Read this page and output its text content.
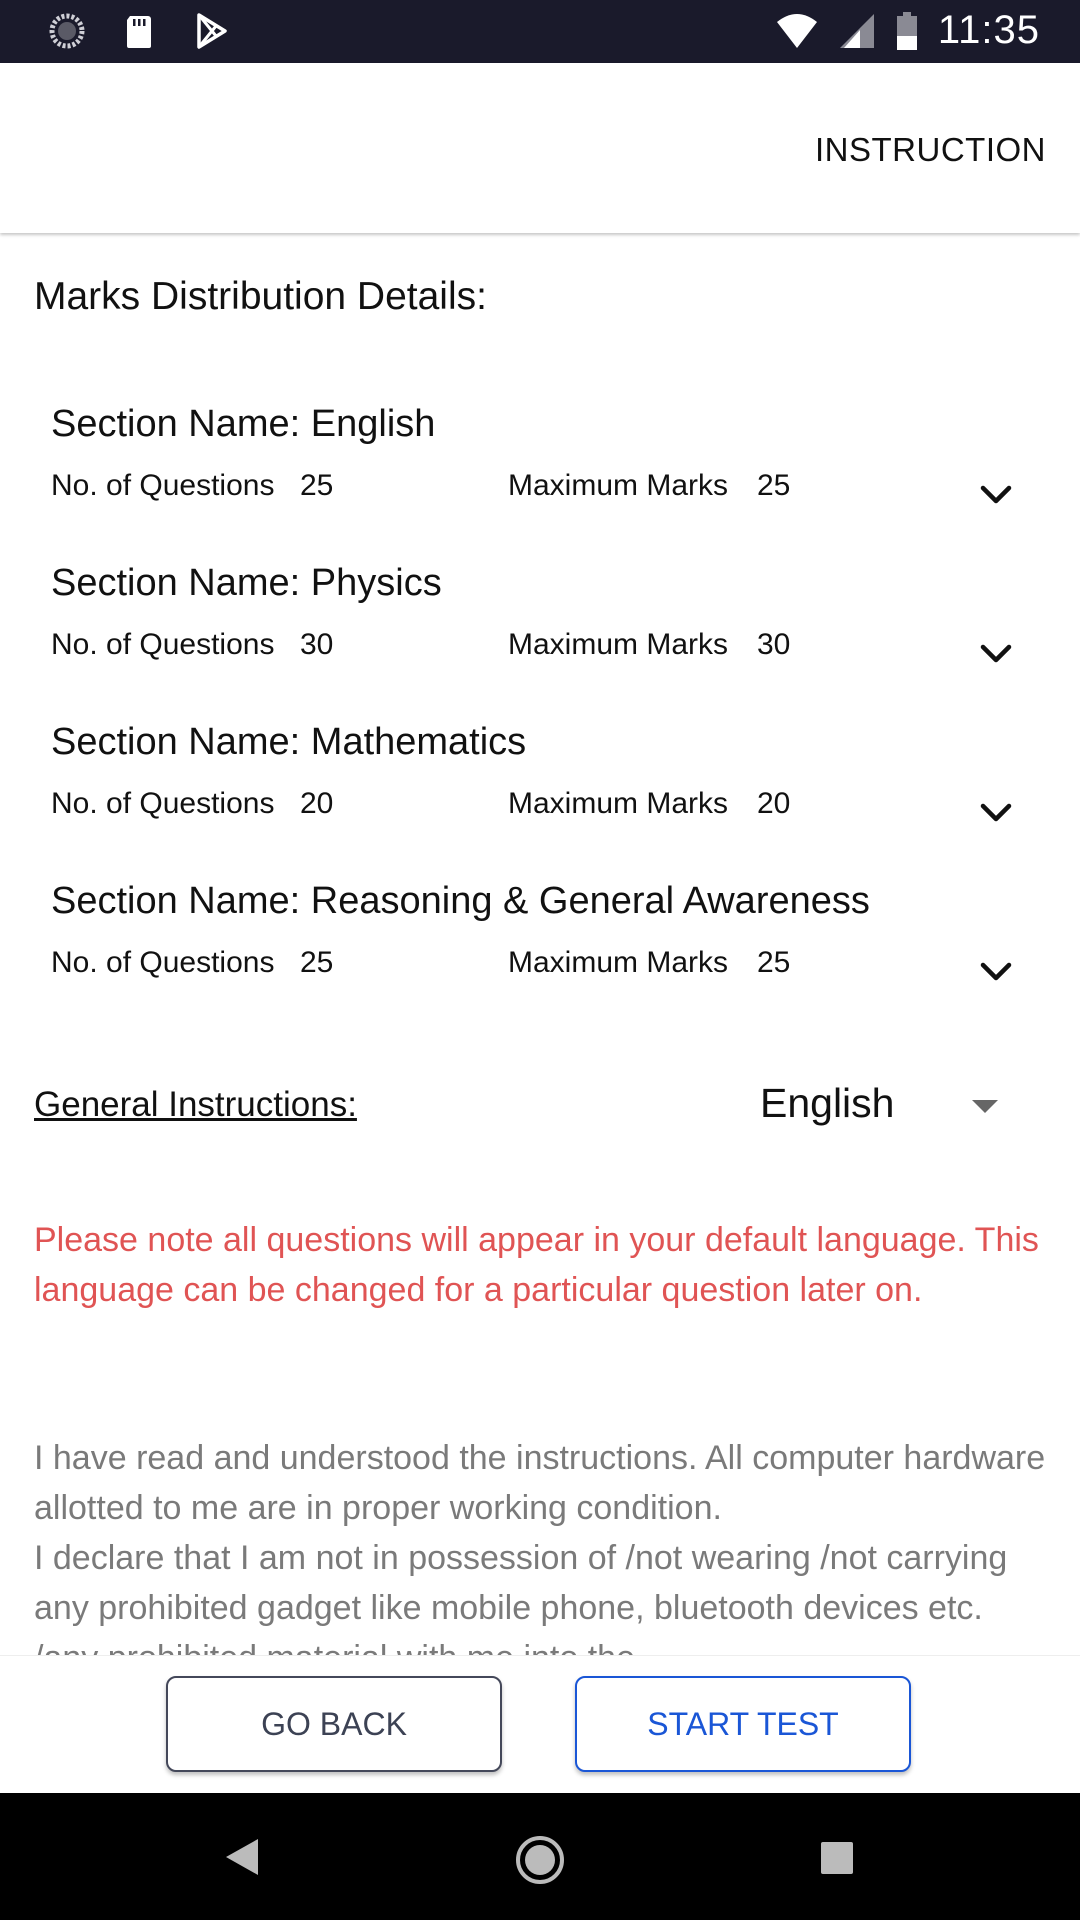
11:35
INSTRUCTION
Marks Distribution Details:
Section Name: English
No. of Questions 25	Maximum Marks 25
Section Name: Physics
No. of Questions 30	Maximum Marks 30
Section Name: Mathematics
No. of Questions 20	Maximum Marks 20
Section Name: Reasoning & General Awareness
No. of Questions 25	Maximum Marks 25
General Instructions:	English
Please note all questions will appear in your default language. This language can be changed for a particular question later on.
I have read and understood the instructions. All computer hardware allotted to me are in proper working condition.
I declare that I am not in possession of /not wearing /not carrying any prohibited gadget like mobile phone, bluetooth devices etc.
GO BACK	START TEST
